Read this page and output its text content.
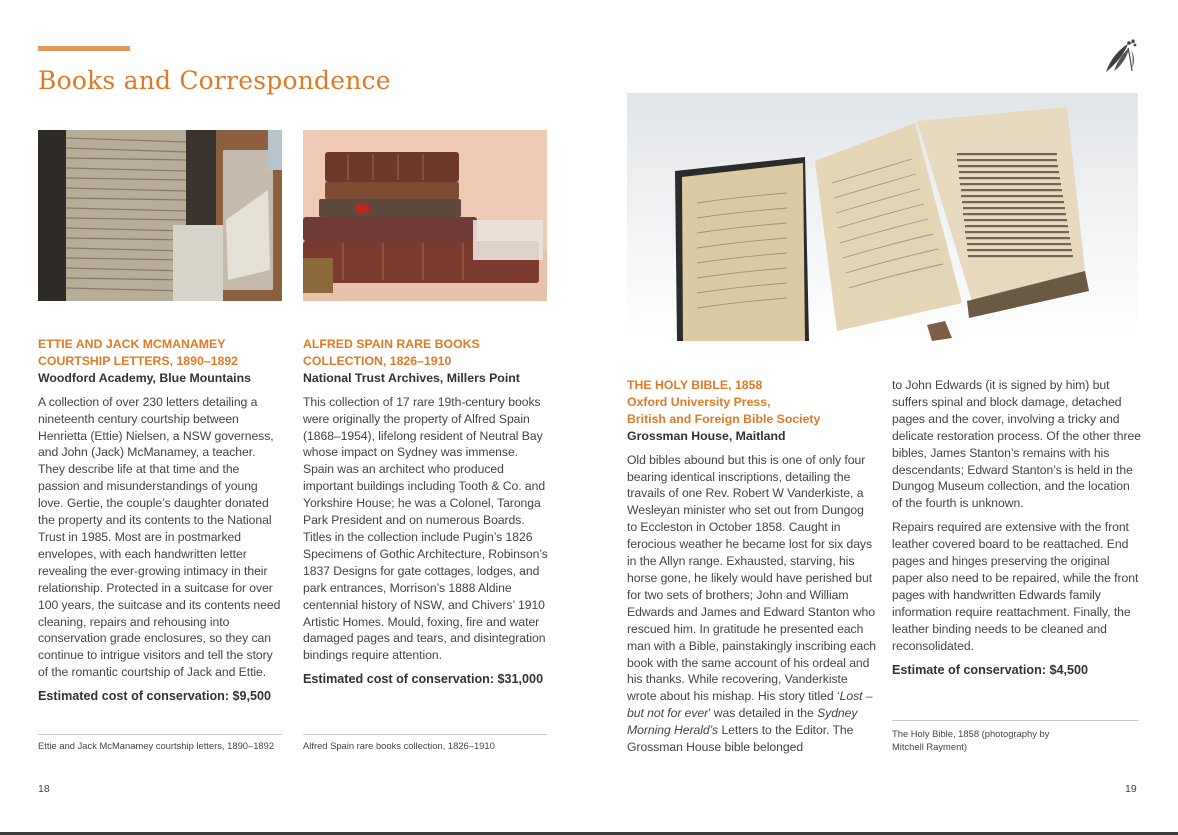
Books and Correspondence

ETTIE AND JACK MCMANAMEY

COURTSHIP LETTERS, 1890–1892

Woodford Academy, Blue Mountains

A collection of over 230 letters detailing a nineteenth century courtship between Henrietta (Ettie) Nielsen, a NSW governess, and John (Jack) McManamey, a teacher. They describe life at that time and the passion and misunderstandings of young love. Gertie, the couple’s daughter donated the property and its contents to the National Trust in 1985. Most are in postmarked envelopes, with each handwritten letter revealing the ever-growing intimacy in their relationship. Protected in a suitcase for over 100 years, the suitcase and its contents need cleaning, repairs and rehousing into conservation grade enclosures, so they can continue to intrigue visitors and tell the story of the romantic courtship of Jack and Ettie.

Estimated cost of conservation: $9,500

ALFRED SPAIN RARE BOOKS

COLLECTION, 1826–1910

National Trust Archives, Millers Point

This collection of 17 rare 19th-century books were originally the property of Alfred Spain (1868–1954), lifelong resident of Neutral Bay whose impact on Sydney was immense. Spain was an architect who produced important buildings including Tooth & Co. and Yorkshire House; he was a Colonel, Taronga Park President and on numerous Boards. Titles in the collection include Pugin’s 1826 Specimens of Gothic Architecture, Robinson’s 1837 Designs for gate cottages, lodges, and park entrances, Morrison’s 1888 Aldine centennial history of NSW, and Chivers’ 1910 Artistic Homes. Mould, foxing, fire and water damaged pages and tears, and disintegration bindings require attention.

Estimated cost of conservation: $31,000

THE HOLY BIBLE, 1858

Oxford University Press,

British and Foreign Bible Society

Grossman House, Maitland

Old bibles abound but this is one of only four bearing identical inscriptions, detailing the travails of one Rev. Robert W Vanderkiste, a Wesleyan minister who set out from Dungog to Eccleston in October 1858. Caught in ferocious weather he became lost for six days in the Allyn range. Exhausted, starving, his horse gone, he likely would have perished but for two sets of brothers; John and William Edwards and James and Edward Stanton who rescued him. In gratitude he presented each man with a Bible, painstakingly inscribing each book with the same account of his ordeal and his thanks. While recovering, Vanderkiste wrote about his mishap. His story titled ‘Lost – but not for ever’ was detailed in the Sydney Morning Herald’s Letters to the Editor. The Grossman House bible belonged

to John Edwards (it is signed by him) but suffers spinal and block damage, detached pages and the cover, involving a tricky and delicate restoration process. Of the other three bibles, James Stanton’s remains with his descendants; Edward Stanton’s is held in the Dungog Museum collection, and the location of the fourth is unknown.

Repairs required are extensive with the front leather covered board to be reattached. End pages and hinges preserving the original paper also need to be repaired, while the front pages with handwritten Edwards family information require reattachment. Finally, the leather binding needs to be cleaned and reconsolidated.

Estimate of conservation: $4,500

Ettie and Jack McManamey courtship letters, 1890–1892	Alfred Spain rare books collection, 1826–1910
The Holy Bible, 1858 (photography by Mitchell Rayment)
18	19
